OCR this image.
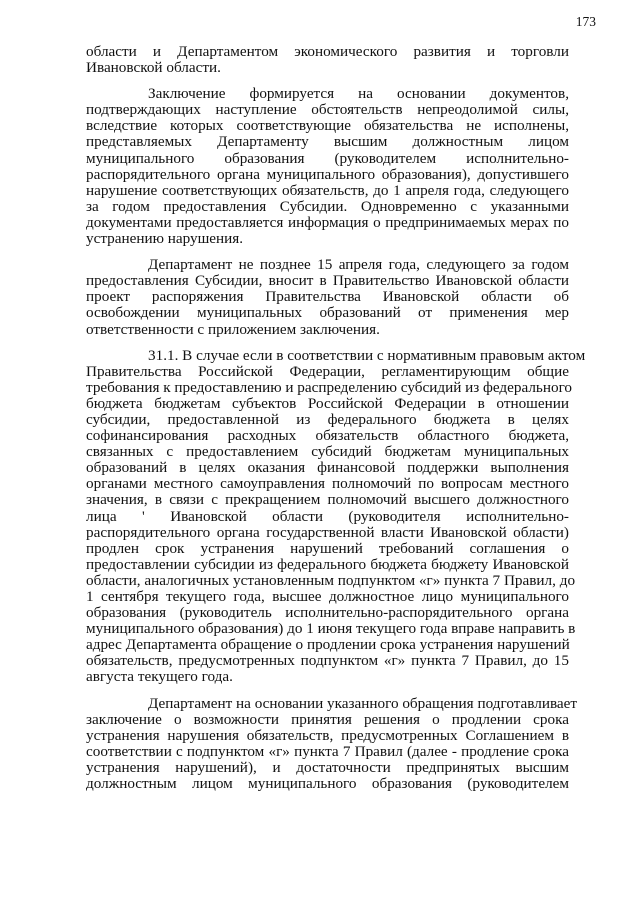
173
области и Департаментом экономического развития и торговли
Ивановской области.
Заключение формируется на основании документов,
подтверждающих наступление обстоятельств непреодолимой силы,
вследствие которых соответствующие обязательства не исполнены,
представляемых Департаменту высшим должностным лицом
муниципального образования (руководителем исполнительно-
распорядительного органа муниципального образования), допустившего
нарушение соответствующих обязательств, до 1 апреля года, следующего
за годом предоставления Субсидии. Одновременно с указанными
документами предоставляется информация о предпринимаемых мерах по
устранению нарушения.
Департамент не позднее 15 апреля года, следующего за годом
предоставления Субсидии, вносит в Правительство Ивановской области
проект распоряжения Правительства Ивановской области об
освобождении муниципальных образований от применения мер
ответственности с приложением заключения.
31.1. В случае если в соответствии с нормативным правовым актом
Правительства Российской Федерации, регламентирующим общие
требования к предоставлению и распределению субсидий из федерального
бюджета бюджетам субъектов Российской Федерации в отношении
субсидии, предоставленной из федерального бюджета в целях
софинансирования расходных обязательств областного бюджета,
связанных с предоставлением субсидий бюджетам муниципальных
образований в целях оказания финансовой поддержки выполнения
органами местного самоуправления полномочий по вопросам местного
значения, в связи с прекращением полномочий высшего должностного
лица ' Ивановской области (руководителя исполнительно-
распорядительного органа государственной власти Ивановской области)
продлен срок устранения нарушений требований соглашения о
предоставлении субсидии из федерального бюджета бюджету Ивановской
области, аналогичных установленным подпунктом «г» пункта 7 Правил, до
1 сентября текущего года, высшее должностное лицо муниципального
образования (руководитель исполнительно-распорядительного органа
муниципального образования) до 1 июня текущего года вправе направить в
адрес Департамента обращение о продлении срока устранения нарушений
обязательств, предусмотренных подпунктом «г» пункта 7 Правил, до 15
августа текущего года.
Департамент на основании указанного обращения подготавливает
заключение о возможности принятия решения о продлении срока
устранения нарушения обязательств, предусмотренных Соглашением в
соответствии с подпунктом «г» пункта 7 Правил (далее - продление срока
устранения нарушений), и достаточности предпринятых высшим
должностным лицом муниципального образования (руководителем
